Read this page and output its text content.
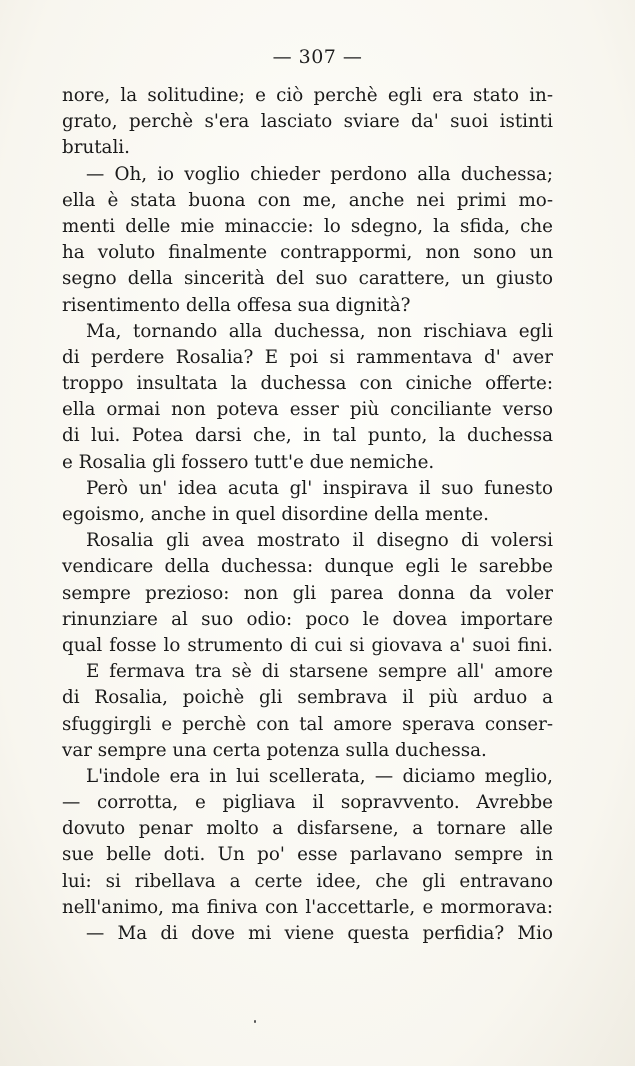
— 307 —
nore, la solitudine; e ciò perchè egli era stato in-
grato, perchè s'era lasciato sviare da' suoi istinti
brutali.
— Oh, io voglio chieder perdono alla duchessa;
ella è stata buona con me, anche nei primi mo-
menti delle mie minaccie: lo sdegno, la sfida, che
ha voluto finalmente contrappormi, non sono un
segno della sincerità del suo carattere, un giusto
risentimento della offesa sua dignità?
Ma, tornando alla duchessa, non rischiava egli
di perdere Rosalia? E poi si rammentava d' aver
troppo insultata la duchessa con ciniche offerte:
ella ormai non poteva esser più conciliante verso
di lui. Potea darsi che, in tal punto, la duchessa
e Rosalia gli fossero tutt'e due nemiche.
Però un' idea acuta gl' inspirava il suo funesto
egoismo, anche in quel disordine della mente.
Rosalia gli avea mostrato il disegno di volersi
vendicare della duchessa: dunque egli le sarebbe
sempre prezioso: non gli parea donna da voler
rinunziare al suo odio: poco le dovea importare
qual fosse lo strumento di cui si giovava a' suoi fini.
E fermava tra sè di starsene sempre all' amore
di Rosalia, poichè gli sembrava il più arduo a
sfuggirgli e perchè con tal amore sperava conser-
var sempre una certa potenza sulla duchessa.
L'indole era in lui scellerata, — diciamo meglio,
— corrotta, e pigliava il sopravvento. Avrebbe
dovuto penar molto a disfarsene, a tornare alle
sue belle doti. Un po' esse parlavano sempre in
lui: si ribellava a certe idee, che gli entravano
nell'animo, ma finiva con l'accettarle, e mormorava:
— Ma di dove mi viene questa perfidia? Mio
